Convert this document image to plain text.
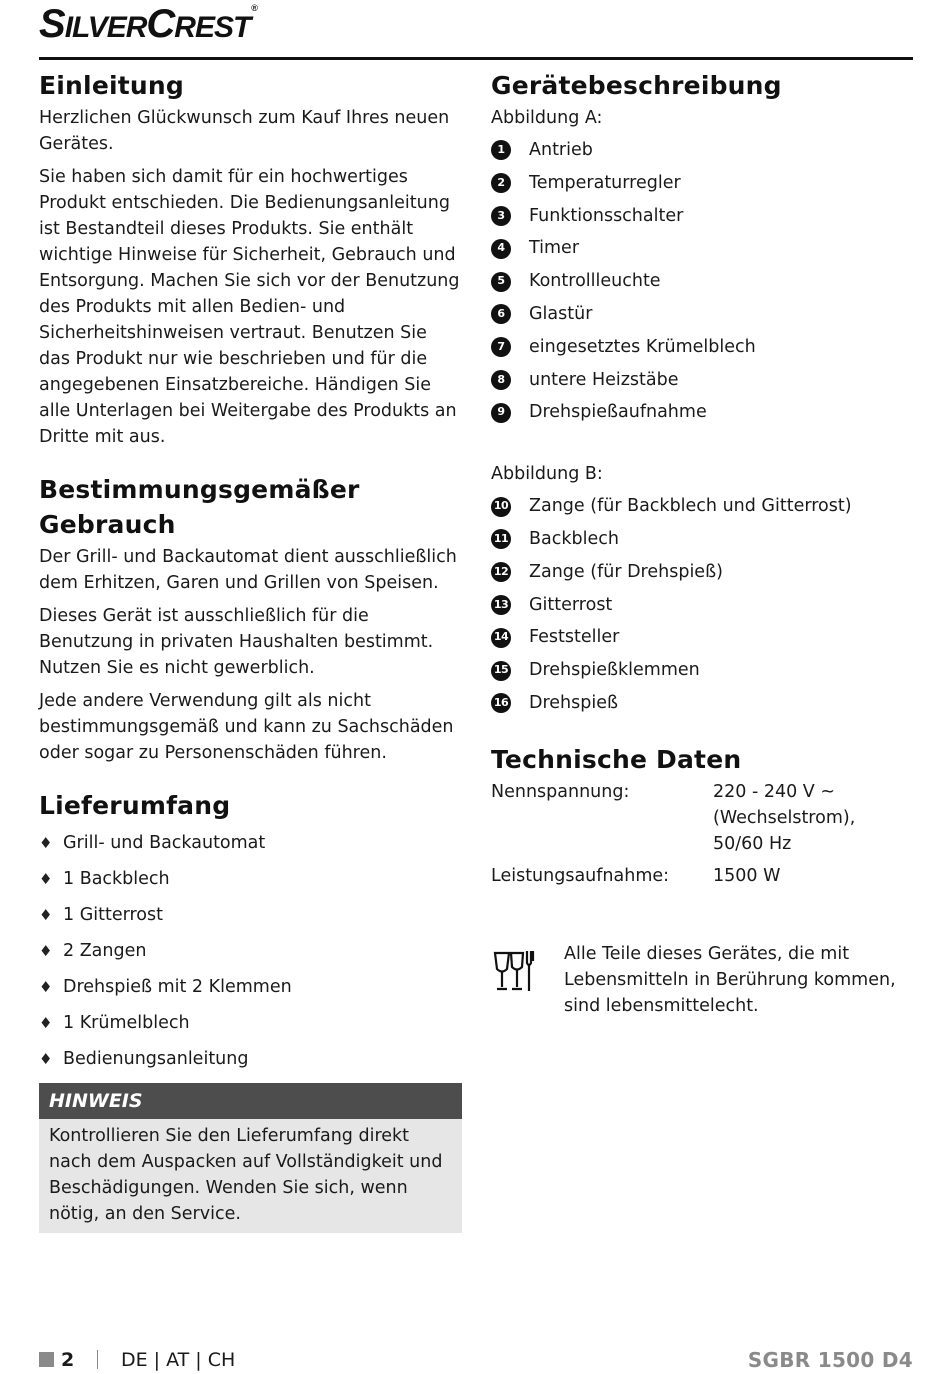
SILVERCREST®
Einleitung

Herzlichen Glückwunsch zum Kauf Ihres neuen Gerätes.

Sie haben sich damit für ein hochwertiges Produkt entschieden. Die Bedienungsanleitung ist Bestandteil dieses Produkts. Sie enthält wichtige Hinweise für Sicherheit, Gebrauch und Entsorgung. Machen Sie sich vor der Benutzung des Produkts mit allen Bedien- und Sicherheitshinweisen vertraut. Benutzen Sie das Produkt nur wie beschrieben und für die angegebenen Einsatzbereiche. Händigen Sie alle Unterlagen bei Weitergabe des Produkts an Dritte mit aus.

Bestimmungsgemäßer Gebrauch

Der Grill- und Backautomat dient ausschließlich dem Erhitzen, Garen und Grillen von Speisen.

Dieses Gerät ist ausschließlich für die Benutzung in privaten Haushalten bestimmt. Nutzen Sie es nicht gewerblich.

Jede andere Verwendung gilt als nicht bestimmungsgemäß und kann zu Sachschäden oder sogar zu Personenschäden führen.

Lieferumfang
♦ Grill- und Backautomat
♦ 1 Backblech
♦ 1 Gitterrost
♦ 2 Zangen
♦ Drehspieß mit 2 Klemmen
♦ 1 Krümelblech
♦ Bedienungsanleitung
HINWEIS

Kontrollieren Sie den Lieferumfang direkt nach dem Auspacken auf Vollständigkeit und Beschädigungen. Wenden Sie sich, wenn nötig, an den Service.

Gerätebeschreibung
Abbildung A:
1	Antrieb
2	Temperaturregler
3	Funktionsschalter
4	Timer
5	Kontrollleuchte
6	Glastür
7	eingesetztes Krümelblech
8	untere Heizstäbe
9	Drehspießaufnahme
Abbildung B:
10 Zange (für Backblech und Gitterrost)
11 Backblech
12 Zange (für Drehspieß)
13 Gitterrost
14 Feststeller
15 Drehspießklemmen
16 Drehspieß
Technische Daten
Nennspannung:	220 - 240 V ~ (Wechselstrom), 50/60 Hz
Leistungsaufnahme:	1500 W

Alle Teile dieses Gerätes, die mit Lebensmitteln in Berührung kommen, sind lebensmittelecht.

2 DE | AT | CH	SGBR 1500 D4
